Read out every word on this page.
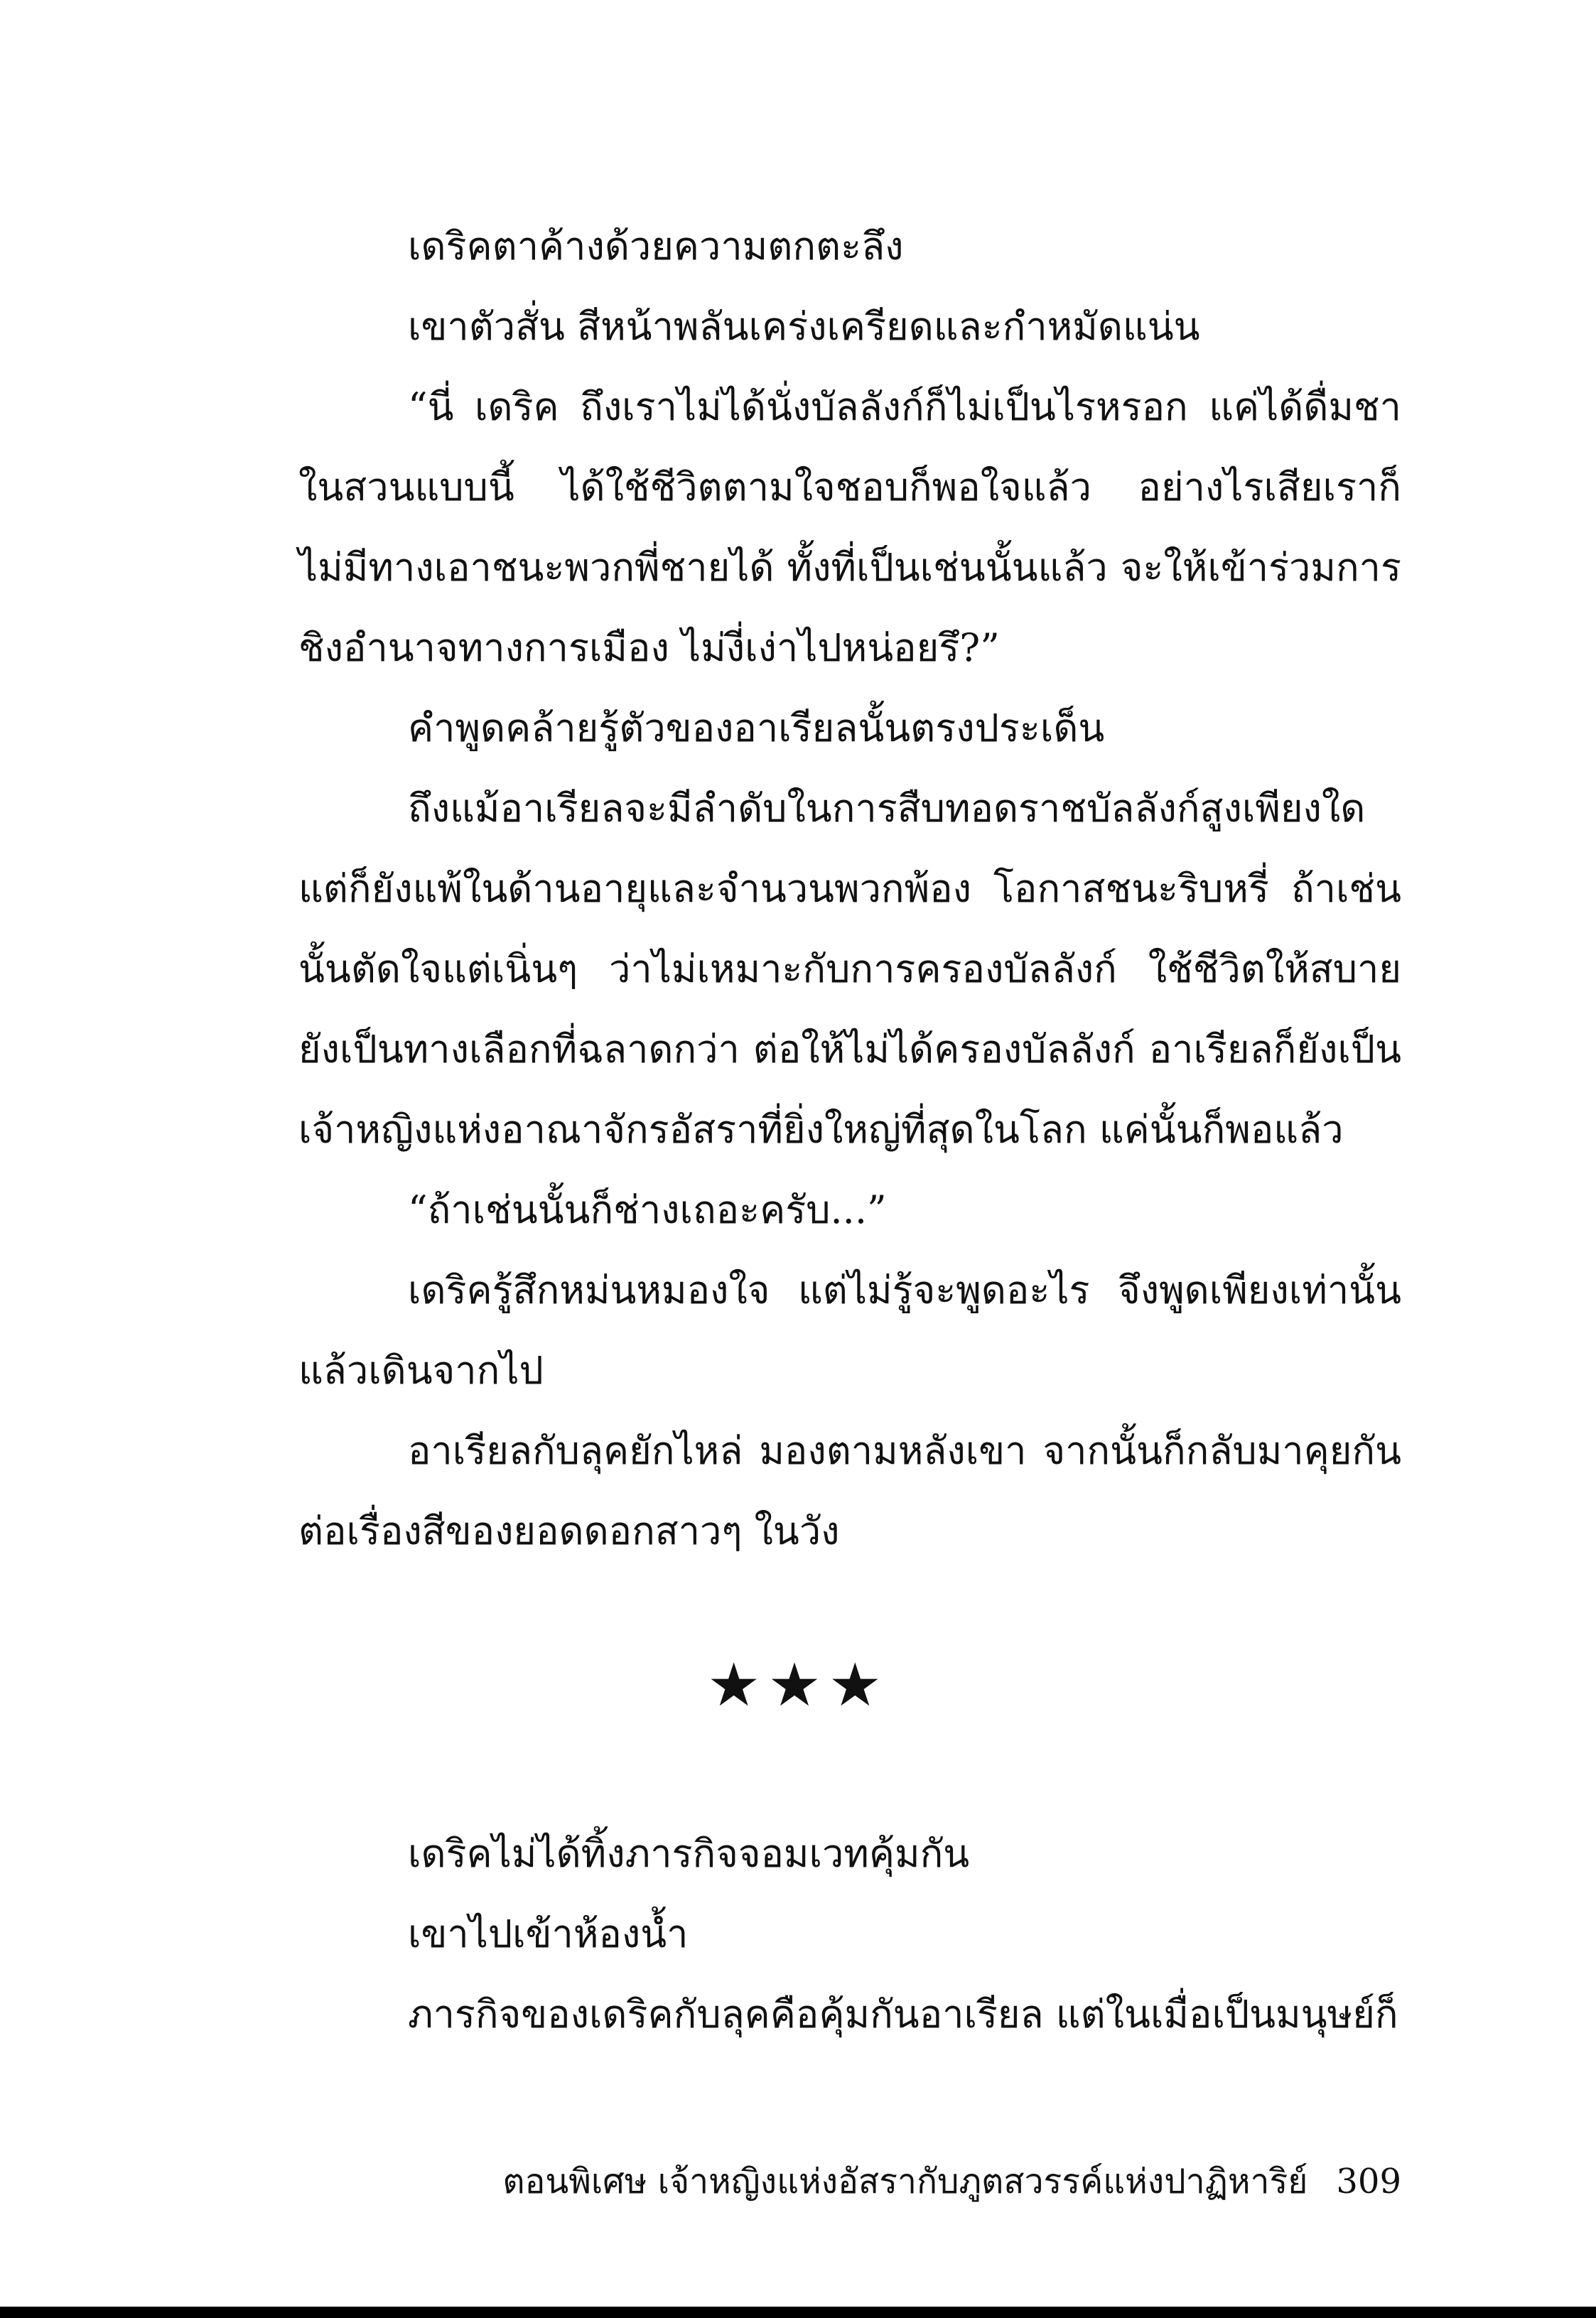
เดริคตาค้างด้วยความตกตะลึง

เขาตัวสั่น สีหน้าพลันเคร่งเครียดและกำหมัดแน่น

“นี่ เดริค ถึงเราไม่ได้นั่งบัลลังก์ก็ไม่เป็นไรหรอก แค่ได้ดื่มชาในสวนแบบนี้ ได้ใช้ชีวิตตามใจชอบก็พอใจแล้ว อย่างไรเสียเราก็ไม่มีทางเอาชนะพวกพี่ชายได้ ทั้งที่เป็นเช่นนั้นแล้ว จะให้เข้าร่วมการชิงอำนาจทางการเมือง ไม่งี่เง่าไปหน่อยรึ?”

คำพูดคล้ายรู้ตัวของอาเรียลนั้นตรงประเด็น

ถึงแม้อาเรียลจะมีลำดับในการสืบทอดราชบัลลังก์สูงเพียงใด แต่ก็ยังแพ้ในด้านอายุและจำนวนพวกพ้อง โอกาสชนะริบหรี่ ถ้าเช่นนั้นตัดใจแต่เนิ่นๆ ว่าไม่เหมาะกับการครองบัลลังก์ ใช้ชีวิตให้สบายยังเป็นทางเลือกที่ฉลาดกว่า ต่อให้ไม่ได้ครองบัลลังก์ อาเรียลก็ยังเป็นเจ้าหญิงแห่งอาณาจักรอัสราที่ยิ่งใหญ่ที่สุดในโลก แค่นั้นก็พอแล้ว

“ถ้าเช่นนั้นก็ช่างเถอะครับ...”

เดริครู้สึกหม่นหมองใจ แต่ไม่รู้จะพูดอะไร จึงพูดเพียงเท่านั้นแล้วเดินจากไป

อาเรียลกับลุคยักไหล่ มองตามหลังเขา จากนั้นก็กลับมาคุยกันต่อเรื่องสีของยอดดอกสาวๆ ในวัง

★★★

เดริคไม่ได้ทิ้งภารกิจจอมเวทคุ้มกัน

เขาไปเข้าห้องน้ำ

ภารกิจของเดริคกับลุคคือคุ้มกันอาเรียล แต่ในเมื่อเป็นมนุษย์ก็

ตอนพิเศษ เจ้าหญิงแห่งอัสรากับภูตสวรรค์แห่งปาฏิหาริย์ 309
